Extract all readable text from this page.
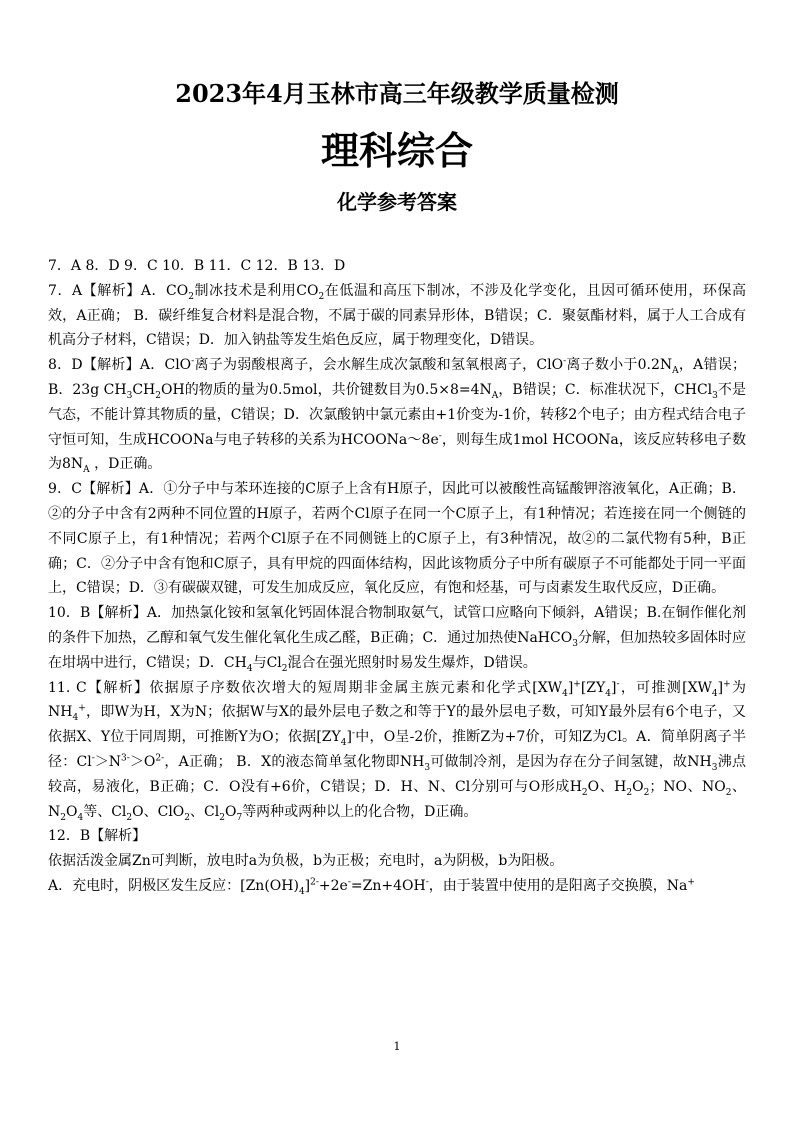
2023年4月玉林市高三年级教学质量检测
理科综合
化学参考答案

7．A 8．D 9．C 10．B 11．C 12．B 13．D

7．A【解析】A．$CO_2$制冰技术是利用$CO_2$在低温和高压下制冰，不涉及化学变化，且因可循环使用，环保高效，A正确； B．碳纤维复合材料是混合物，不属于碳的同素异形体，B错误；C．聚氨酯材料，属于人工合成有机高分子材料，C错误；D．加入钠盐等发生焰色反应，属于物理变化，D错误。

8．D【解析】A．ClO-离子为弱酸根离子，会水解生成次氯酸和氢氧根离子，ClO-离子数小于$0.2N_A$，A错误；B．23g $CH_3CH_2OH$的物质的量为0.5mol，共价键数目为$0.5\times 8=4N_A$，B错误；C．标准状况下，CHCl$_3$不是气态，不能计算其物质的量，C错误；D．次氯酸钠中氯元素由+1价变为-1价，转移2个电子；由方程式结合电子守恒可知，生成HCOONa与电子转移的关系为HCOONa～8e-，则每生成1mol HCOONa，该反应转移电子数为$8N_A$ ，D正确。

9．C【解析】A．①分子中与苯环连接的C原子上含有H原子，因此可以被酸性高锰酸钾溶液氧化，A正确；B．②的分子中含有2两种不同位置的H原子，若两个Cl原子在同一个C原子上，有1种情况；若连接在同一个侧链的不同C原子上，有1种情况；若两个Cl原子在不同侧链上的C原子上，有3种情况，故②的二氯代物有5种，B正确；C．②分子中含有饱和C原子，具有甲烷的四面体结构，因此该物质分子中所有碳原子不可能都处于同一平面上，C错误；D．③有碳碳双键，可发生加成反应，氧化反应，有饱和烃基，可与卤素发生取代反应，D正确。

10．B【解析】A．加热氯化铵和氢氧化钙固体混合物制取氨气，试管口应略向下倾斜，A错误；B.在铜作催化剂的条件下加热，乙醇和氧气发生催化氧化生成乙醛，B正确；C．通过加热使NaHCO$_3$分解，但加热较多固体时应在坩埚中进行，C错误；D．$CH_4$与$Cl_2$混合在强光照射时易发生爆炸，D错误。

11. C【解析】依据原子序数依次增大的短周期非金属主族元素和化学式$[XW_4]^+[ZY_4]^-$，可推测$[XW_4]^+$为$NH_4^+$，即W为H，X为N；依据W与X的最外层电子数之和等于Y的最外层电子数，可知Y最外层有6个电子，又依据X、Y位于同周期，可推断Y为O；依据$[ZY_4]^-$中，O呈-2价，推断Z为+7价，可知Z为Cl。A．简单阴离子半径：$Cl^->N^{3-}>O^{2-}$，A正确； B．X的液态简单氢化物即$NH_3$可做制冷剂，是因为存在分子间氢键，故$NH_3$沸点较高，易液化，B正确；C．O没有+6价，C错误；D．H、N、Cl分别可与O形成$H_2O$、$H_2O_2$；NO、$NO_2$、$N_2O_4$等、$Cl_2O$、ClO$_2$、$Cl_2O_7$等两种或两种以上的化合物，D正确。

12．B【解析】

依据活泼金属Zn可判断，放电时a为负极，b为正极；充电时，a为阴极，b为阳极。

A．充电时，阴极区发生反应：$[Zn(OH)_4]^{2-}+2e^-=Zn+4OH^-$，由于装置中使用的是阳离子交换膜，Na+

1
